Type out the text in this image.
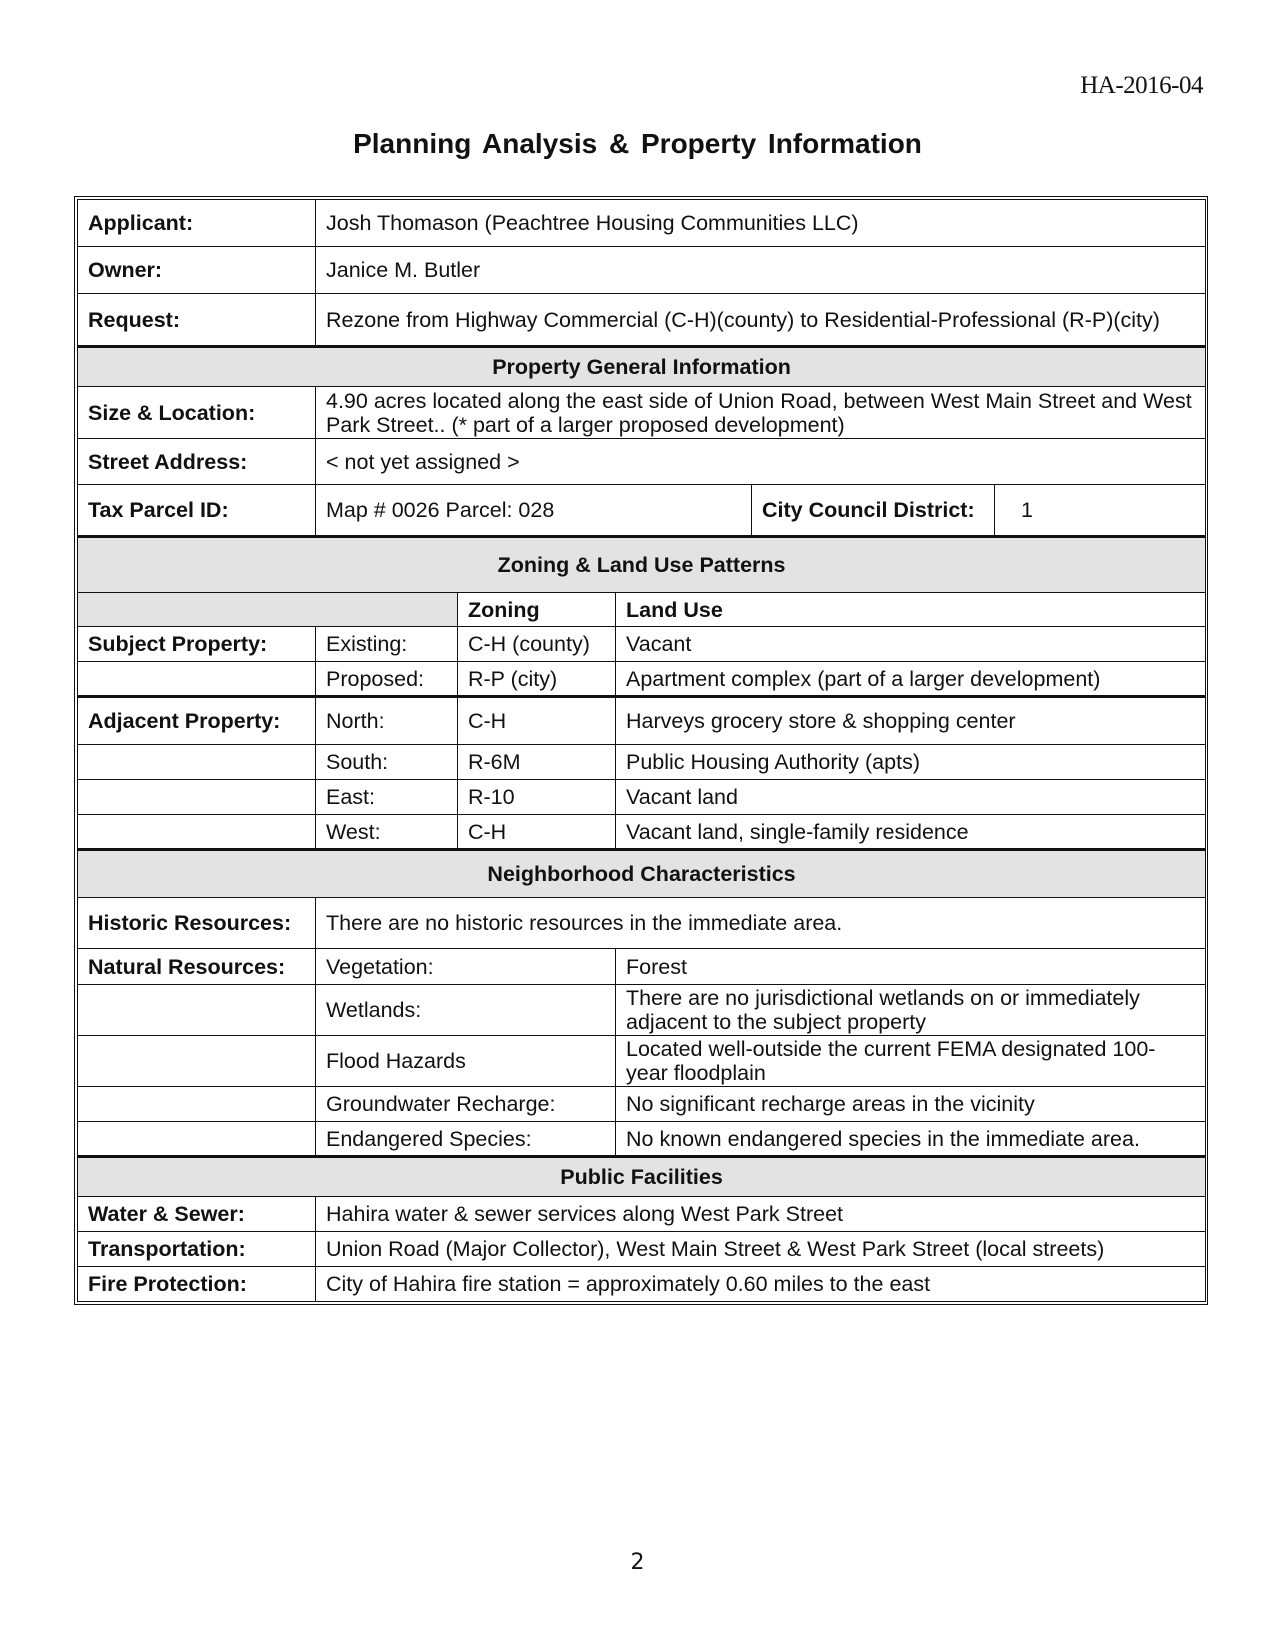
HA-2016-04
Planning Analysis & Property Information
Applicant:	Josh Thomason (Peachtree Housing Communities LLC)				
Owner:	Janice M. Butler				
Request:	Rezone from Highway Commercial (C-H)(county) to Residential-Professional (R-P)(city)				
Property General Information					
Size & Location:	4.90 acres located along the east side of Union Road, between West Main Street and West Park Street.. (* part of a larger proposed development)				
Street Address:	< not yet assigned >				
Tax Parcel ID:	Map # 0026 Parcel: 028			City Council District:	1
Zoning & Land Use Patterns					
		Zoning	Land Use		
Subject Property:	Existing:	C-H (county)	Vacant		
	Proposed:	R-P (city)	Apartment complex (part of a larger development)		
Adjacent Property:	North:	C-H	Harveys grocery store & shopping center		
	South:	R-6M	Public Housing Authority (apts)		
	East:	R-10	Vacant land		
	West:	C-H	Vacant land, single-family residence		
Neighborhood Characteristics					
Historic Resources:	There are no historic resources in the immediate area.				
Natural Resources:	Vegetation:		Forest		
	Wetlands:		There are no jurisdictional wetlands on or immediately adjacent to the subject property		
	Flood Hazards		Located well-outside the current FEMA designated 100-year floodplain		
	Groundwater Recharge:		No significant recharge areas in the vicinity		
	Endangered Species:		No known endangered species in the immediate area.		
Public Facilities					
Water & Sewer:	Hahira water & sewer services along West Park Street				
Transportation:	Union Road (Major Collector), West Main Street & West Park Street (local streets)				
Fire Protection:	City of Hahira fire station = approximately 0.60 miles to the east				
2
